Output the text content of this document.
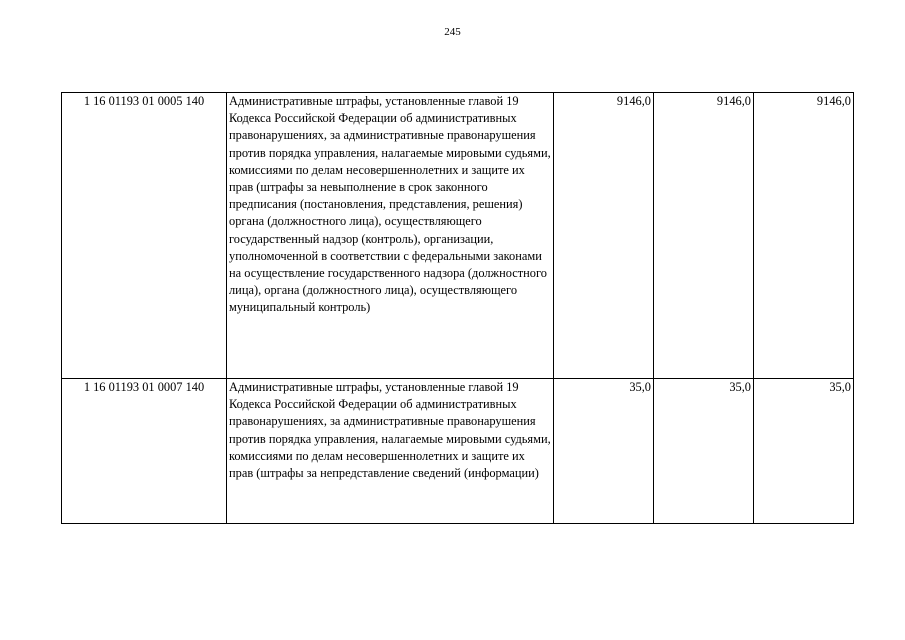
245
1 16 01193 01 0005 140	Административные штрафы, установленные главой 19 Кодекса Российской Федерации об административных правонарушениях, за административные правонарушения против порядка управления, налагаемые мировыми судьями, комиссиями по делам несовершеннолетних и защите их прав (штрафы за невыполнение в срок законного предписания (постановления, представления, решения) органа (должностного лица), осуществляющего государственный надзор (контроль), организации, уполномоченной в соответствии с федеральными законами на осуществление государственного надзора (должностного лица), органа (должностного лица), осуществляющего муниципальный контроль)	9146,0	9146,0	9146,0
1 16 01193 01 0007 140	Административные штрафы, установленные главой 19 Кодекса Российской Федерации об административных правонарушениях, за административные правонарушения против порядка управления, налагаемые мировыми судьями, комиссиями по делам несовершеннолетних и защите их прав (штрафы за непредставление сведений (информации)	35,0	35,0	35,0
